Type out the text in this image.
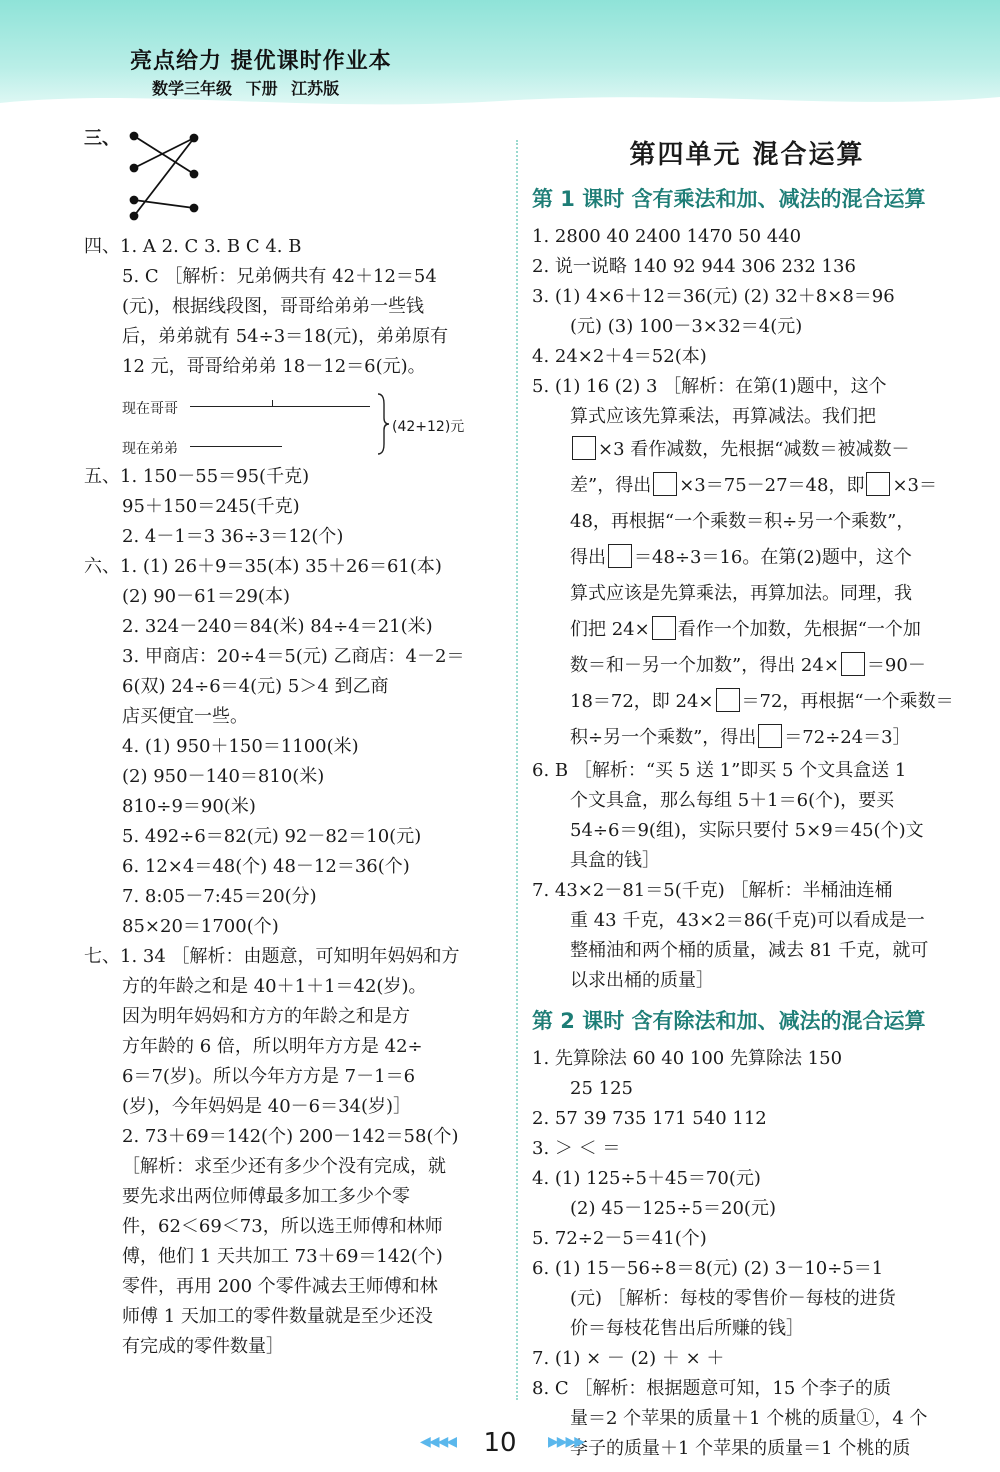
亮点给力 提优课时作业本
数学三年级 下册 江苏版
三、
四、1. A 2. C 3. B C 4. B
5. C ［解析：兄弟俩共有 42＋12＝54
(元)，根据线段图，哥哥给弟弟一些钱
后，弟弟就有 54÷3＝18(元)，弟弟原有
12 元，哥哥给弟弟 18－12＝6(元)。
现在哥哥
现在弟弟
(42+12)元
五、1. 150－55＝95(千克)
95＋150＝245(千克)
2. 4－1＝3 36÷3＝12(个)
六、1. (1) 26＋9＝35(本) 35＋26＝61(本)
(2) 90－61＝29(本)
2. 324－240＝84(米) 84÷4＝21(米)
3. 甲商店：20÷4＝5(元) 乙商店：4－2＝
6(双) 24÷6＝4(元) 5＞4 到乙商
店买便宜一些。
4. (1) 950＋150＝1100(米)
(2) 950－140＝810(米)
810÷9＝90(米)
5. 492÷6＝82(元) 92－82＝10(元)
6. 12×4＝48(个) 48－12＝36(个)
7. 8:05－7:45＝20(分)
85×20＝1700(个)
七、1. 34 ［解析：由题意，可知明年妈妈和方
方的年龄之和是 40＋1＋1＝42(岁)。
因为明年妈妈和方方的年龄之和是方
方年龄的 6 倍，所以明年方方是 42÷
6＝7(岁)。所以今年方方是 7－1＝6
(岁)，今年妈妈是 40－6＝34(岁)］
2. 73＋69＝142(个) 200－142＝58(个)
［解析：求至少还有多少个没有完成，就
要先求出两位师傅最多加工多少个零
件，62＜69＜73，所以选王师傅和林师
傅，他们 1 天共加工 73＋69＝142(个)
零件，再用 200 个零件减去王师傅和林
师傅 1 天加工的零件数量就是至少还没
有完成的零件数量］
第四单元 混合运算
第 1 课时 含有乘法和加、减法的混合运算
1. 2800 40 2400 1470 50 440
2. 说一说略 140 92 944 306 232 136
3. (1) 4×6＋12＝36(元) (2) 32＋8×8＝96
(元) (3) 100－3×32＝4(元)
4. 24×2＋4＝52(本)
5. (1) 16 (2) 3 ［解析：在第(1)题中，这个
算式应该先算乘法，再算减法。我们把
×3 看作减数，先根据“减数＝被减数－
差”，得出 ×3＝75－27＝48，即 ×3＝
48，再根据“一个乘数＝积÷另一个乘数”，
得出 ＝48÷3＝16。在第(2)题中，这个
算式应该是先算乘法，再算加法。同理，我
们把 24× 看作一个加数，先根据“一个加
数＝和－另一个加数”，得出 24× ＝90－
18＝72，即 24× ＝72，再根据“一个乘数＝
积÷另一个乘数”，得出 ＝72÷24＝3］
6. B ［解析：“买 5 送 1”即买 5 个文具盒送 1
个文具盒，那么每组 5＋1＝6(个)，要买
54÷6＝9(组)，实际只要付 5×9＝45(个)文
具盒的钱］
7. 43×2－81＝5(千克) ［解析：半桶油连桶
重 43 千克，43×2＝86(千克)可以看成是一
整桶油和两个桶的质量，减去 81 千克，就可
以求出桶的质量］
第 2 课时 含有除法和加、减法的混合运算
1. 先算除法 60 40 100 先算除法 150
25 125
2. 57 39 735 171 540 112
3. ＞ ＜ ＝
4. (1) 125÷5＋45＝70(元)
(2) 45－125÷5＝20(元)
5. 72÷2－5＝41(个)
6. (1) 15－56÷8＝8(元) (2) 3－10÷5＝1
(元) ［解析：每枝的零售价－每枝的进货
价＝每枝花售出后所赚的钱］
7. (1) × － (2) ＋ × ＋
8. C ［解析：根据题意可知，15 个李子的质
量＝2 个苹果的质量＋1 个桃的质量①，4 个
李子的质量＋1 个苹果的质量＝1 个桃的质
◀◀◀◀ 10	▶▶▶▶
